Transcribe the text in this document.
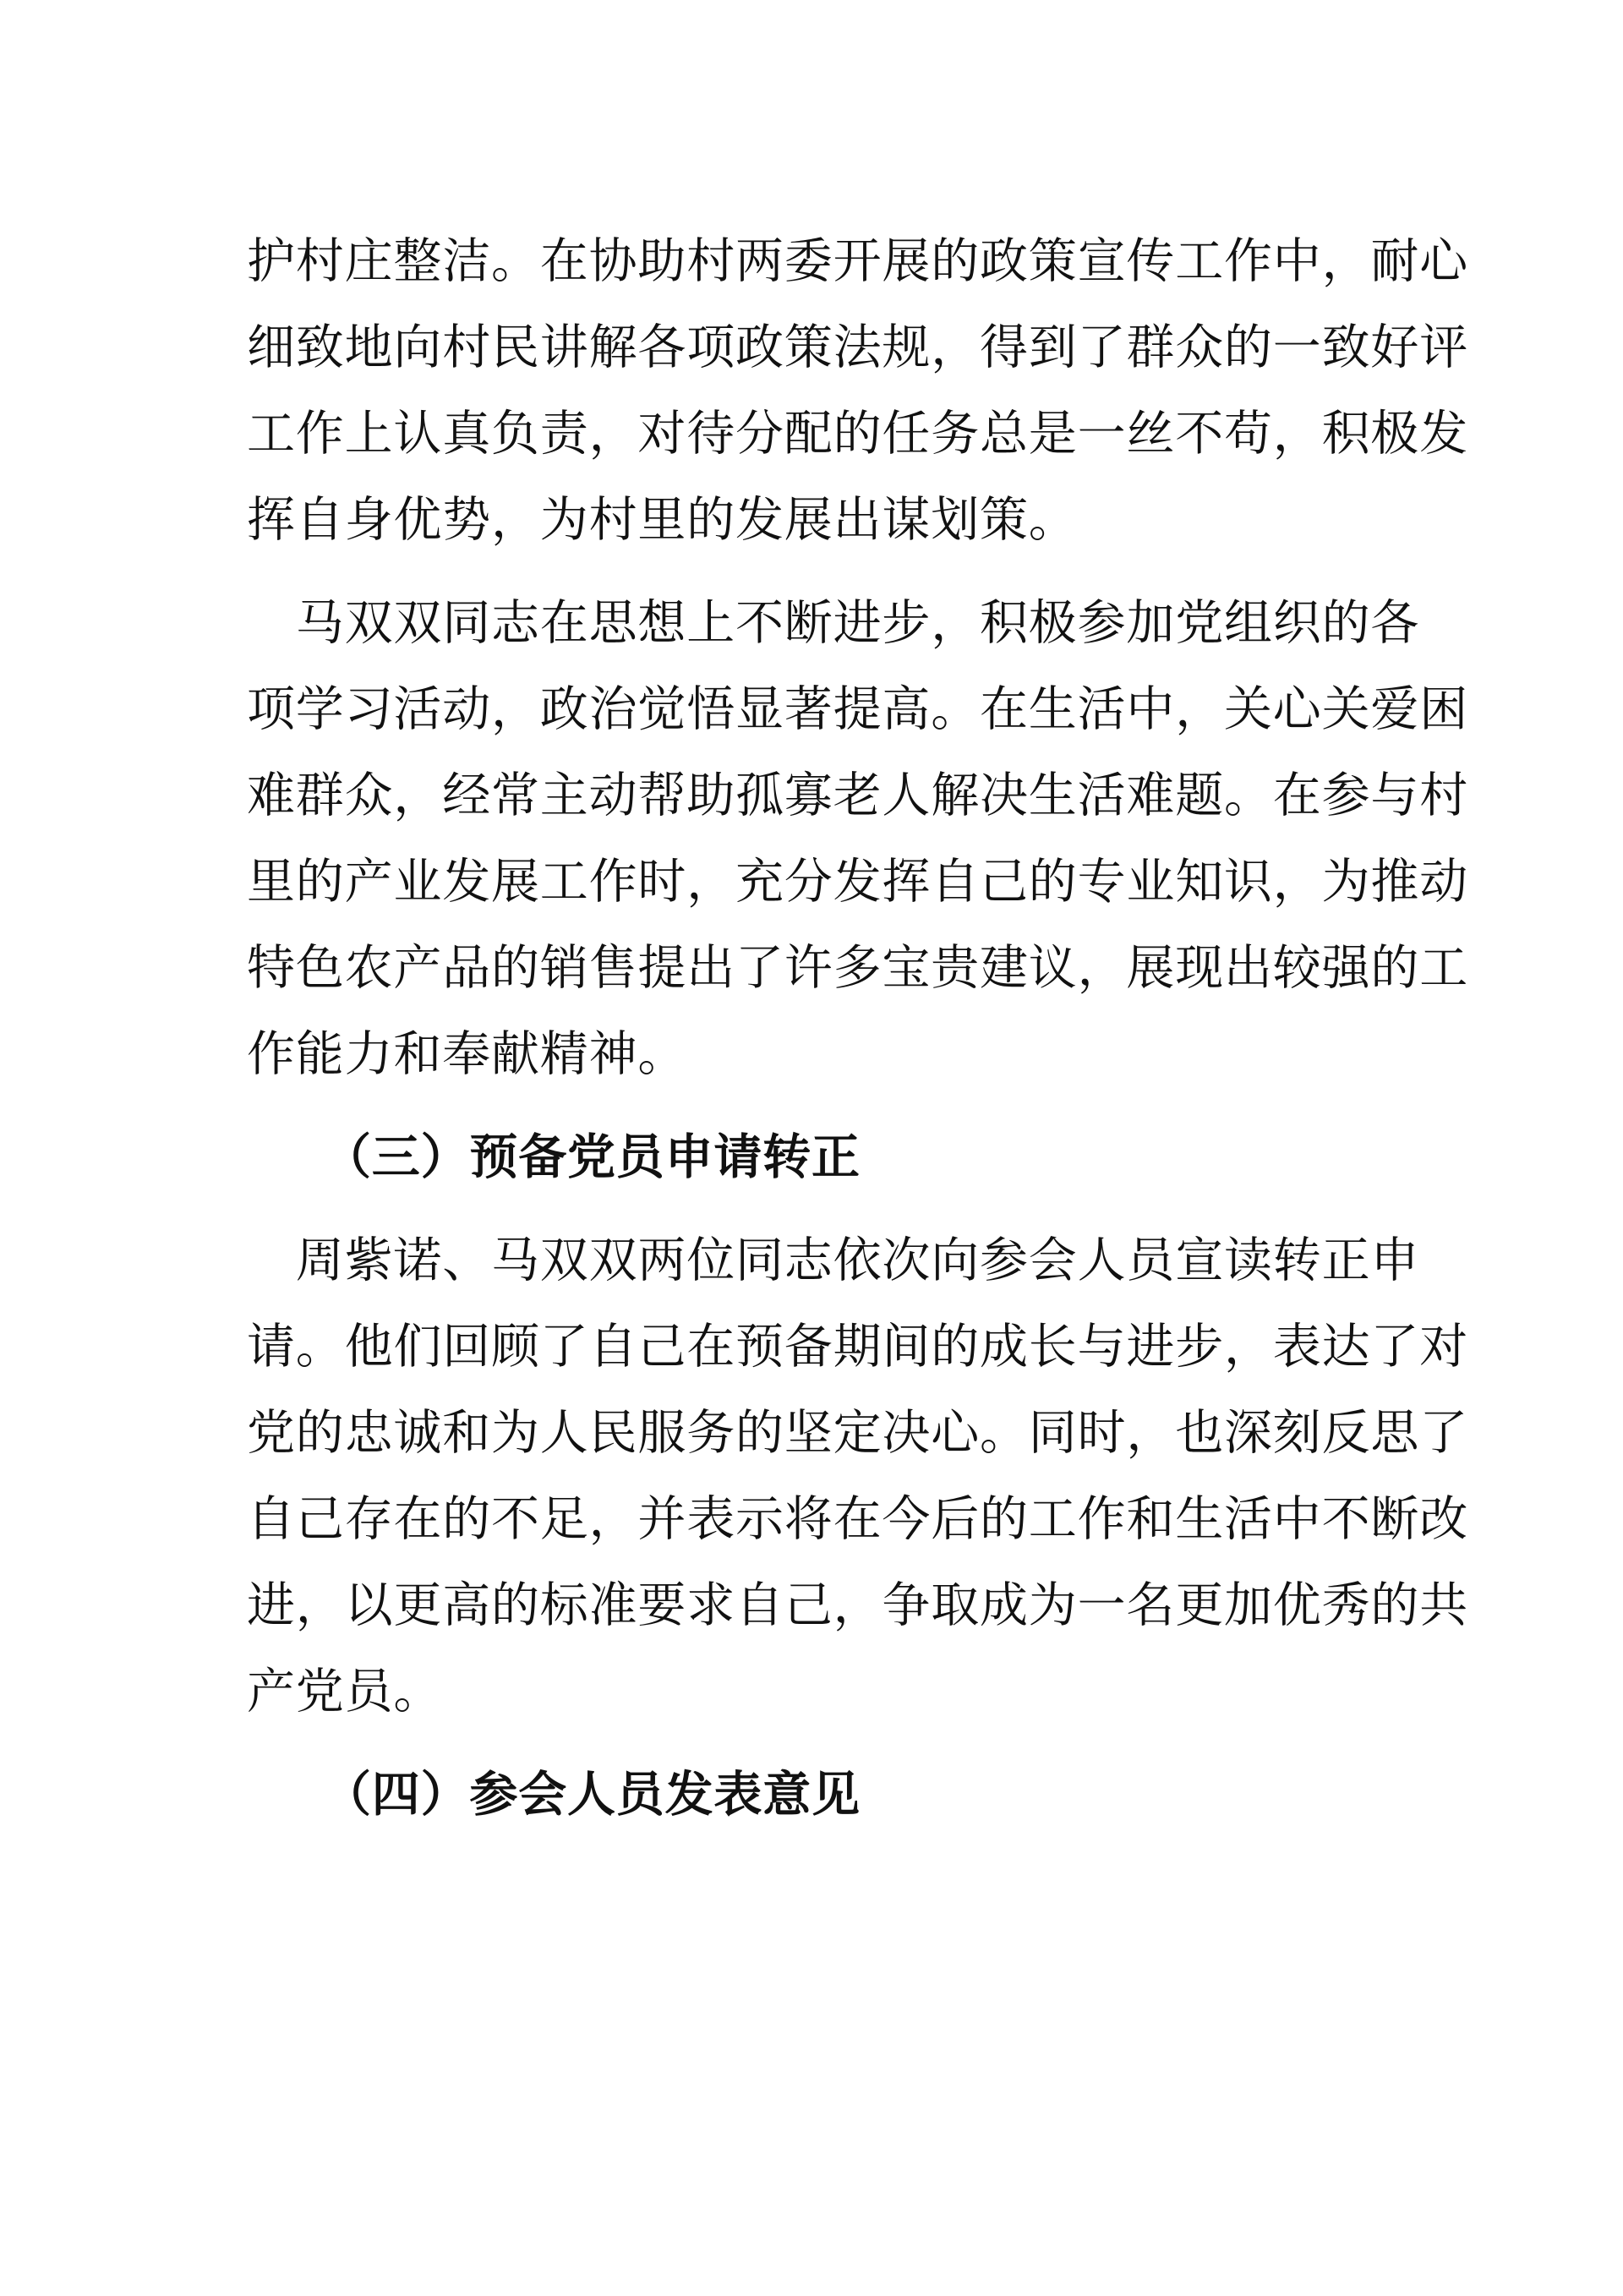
护村庄整洁。在协助村两委开展的政策宣传工作中，耐心
细致地向村民讲解各项政策法规，得到了群众的一致好评
工作上认真负责，对待分配的任务总是一丝不苟，积极发
挥自身优势，为村里的发展出谋划策。
　马双双同志在思想上不断进步，积极参加党组织的各
项学习活动，政治觉悟显著提高。在生活中，关心关爱困
难群众，经常主动帮助孤寡老人解决生活难题。在参与村
里的产业发展工作时，充分发挥自己的专业知识，为推动
特色农产品的销售提出了许多宝贵建议，展现出较强的工
作能力和奉献精神。
（三）预备党员申请转正
　周紫诺、马双双两位同志依次向参会人员宣读转正申
请。他们回顾了自己在预备期间的成长与进步，表达了对
党的忠诚和为人民服务的坚定决心。同时，也深刻反思了
自己存在的不足，并表示将在今后的工作和生活中不断改
进，以更高的标准要求自己，争取成为一名更加优秀的共
产党员。
（四）参会人员发表意见
